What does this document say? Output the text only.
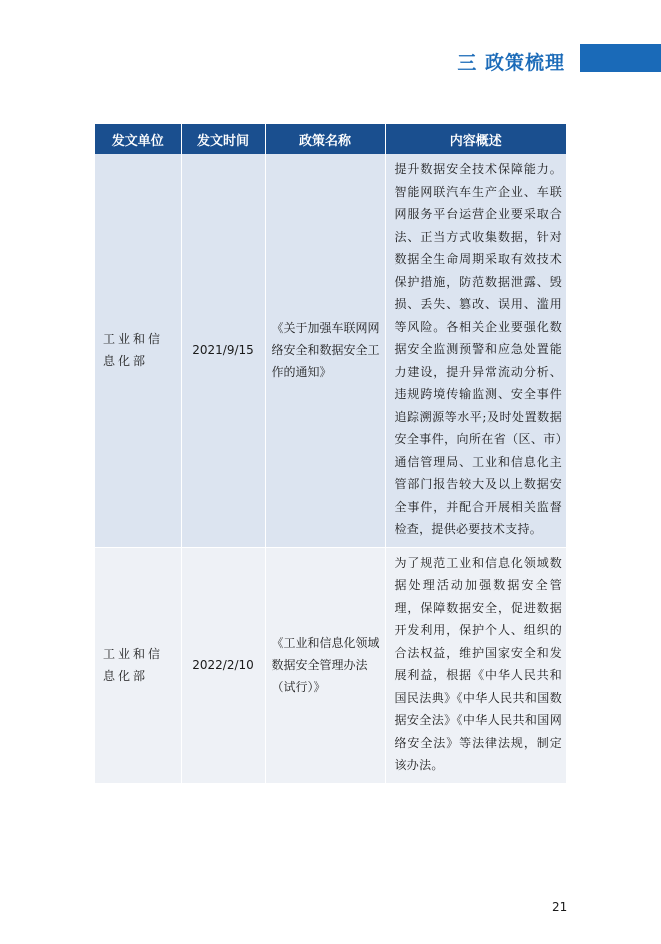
三 政策梳理
发文单位	发文时间	政策名称	内容概述
工业和信息化部	2021/9/15	《关于加强车联网网络安全和数据安全工作的通知》	提升数据安全技术保障能力。智能网联汽车生产企业、车联网服务平台运营企业要采取合法、正当方式收集数据，针对数据全生命周期采取有效技术保护措施，防范数据泄露、毁损、丢失、篡改、误用、滥用等风险。各相关企业要强化数据安全监测预警和应急处置能力建设，提升异常流动分析、违规跨境传输监测、安全事件追踪溯源等水平;及时处置数据安全事件，向所在省（区、市）通信管理局、工业和信息化主管部门报告较大及以上数据安全事件，并配合开展相关监督检查，提供必要技术支持。
工业和信息化部	2022/2/10	《工业和信息化领域数据安全管理办法（试行）》	为了规范工业和信息化领域数据处理活动加强数据安全管理，保障数据安全，促进数据开发利用，保护个人、组织的合法权益，维护国家安全和发展利益，根据《中华人民共和国民法典》《中华人民共和国数据安全法》《中华人民共和国网络安全法》等法律法规，制定该办法。
21
